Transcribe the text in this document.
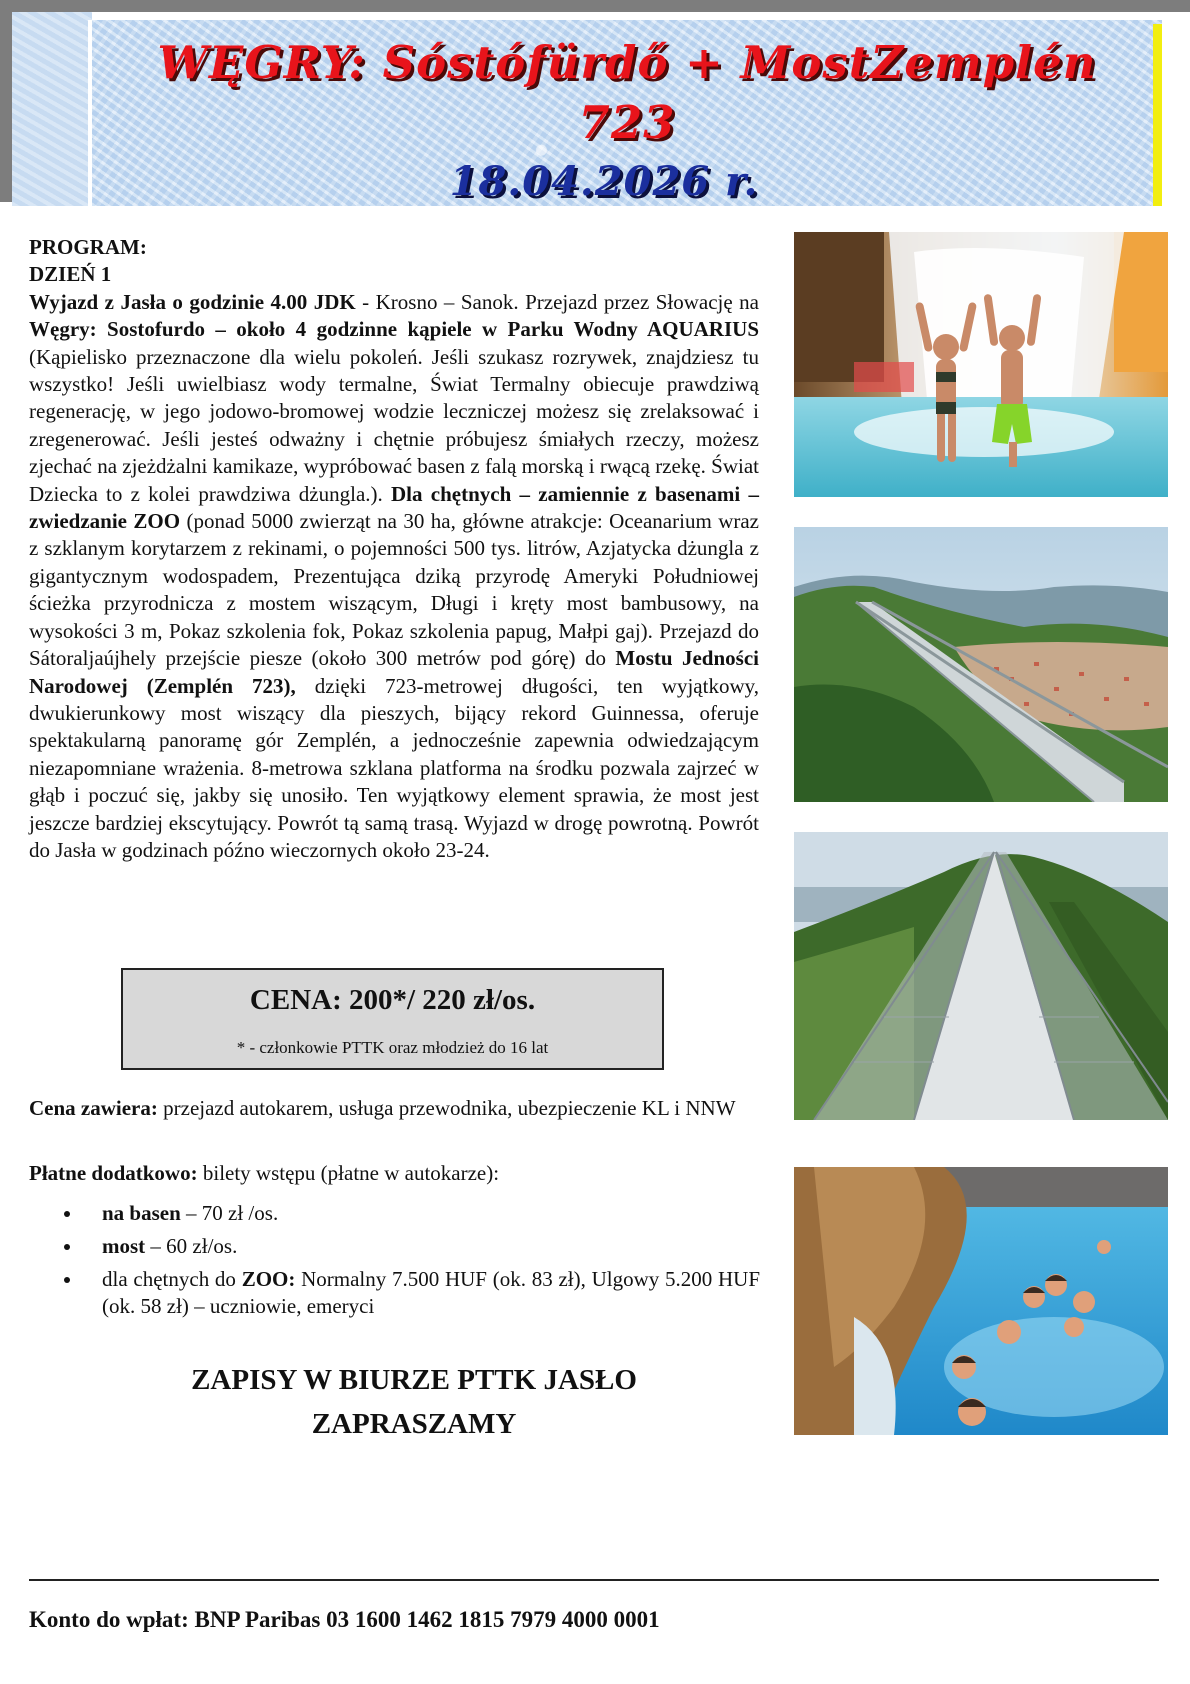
WĘGRY: Sóstófürdő + MostZemplén
723
18.04.2026 r.
PROGRAM:
DZIEŃ 1
Wyjazd z Jasła o godzinie 4.00 JDK - Krosno – Sanok. Przejazd przez Słowację na Węgry: Sostofurdo – około 4 godzinne kąpiele w Parku Wodny AQUARIUS (Kąpielisko przeznaczone dla wielu pokoleń. Jeśli szukasz rozrywek, znajdziesz tu wszystko! Jeśli uwielbiasz wody termalne, Świat Termalny obiecuje prawdziwą regenerację, w jego jodowo-bromowej wodzie leczniczej możesz się zrelaksować i zregenerować. Jeśli jesteś odważny i chętnie próbujesz śmiałych rzeczy, możesz zjechać na zjeżdżalni kamikaze, wypróbować basen z falą morską i rwącą rzekę. Świat Dziecka to z kolei prawdziwa dżungla.). Dla chętnych – zamiennie z basenami – zwiedzanie ZOO (ponad 5000 zwierząt na 30 ha, główne atrakcje: Oceanarium wraz z szklanym korytarzem z rekinami, o pojemności 500 tys. litrów, Azjatycka dżungla z gigantycznym wodospadem, Prezentująca dziką przyrodę Ameryki Południowej ścieżka przyrodnicza z mostem wiszącym, Długi i kręty most bambusowy, na wysokości 3 m, Pokaz szkolenia fok, Pokaz szkolenia papug, Małpi gaj). Przejazd do Sátoraljaújhely przejście piesze (około 300 metrów pod górę) do Mostu Jedności Narodowej (Zemplén 723), dzięki 723-metrowej długości, ten wyjątkowy, dwukierunkowy most wiszący dla pieszych, bijący rekord Guinnessa, oferuje spektakularną panoramę gór Zemplén, a jednocześnie zapewnia odwiedzającym niezapomniane wrażenia. 8-metrowa szklana platforma na środku pozwala zajrzeć w głąb i poczuć się, jakby się unosiło. Ten wyjątkowy element sprawia, że most jest jeszcze bardziej ekscytujący. Powrót tą samą trasą. Wyjazd w drogę powrotną. Powrót do Jasła w godzinach późno wieczornych około 23-24.
CENA: 200*/ 220 zł/os.
* - członkowie PTTK oraz młodzież do 16 lat
Cena zawiera: przejazd autokarem, usługa przewodnika, ubezpieczenie KL i NNW
Płatne dodatkowo: bilety wstępu (płatne w autokarze):
na basen – 70 zł /os.
most – 60 zł/os.
dla chętnych do ZOO: Normalny 7.500 HUF (ok. 83 zł), Ulgowy 5.200 HUF (ok. 58 zł) – uczniowie, emeryci
ZAPISY W BIURZE PTTK JASŁO
ZAPRASZAMY
Konto do wpłat: BNP Paribas 03 1600 1462 1815 7979 4000 0001
